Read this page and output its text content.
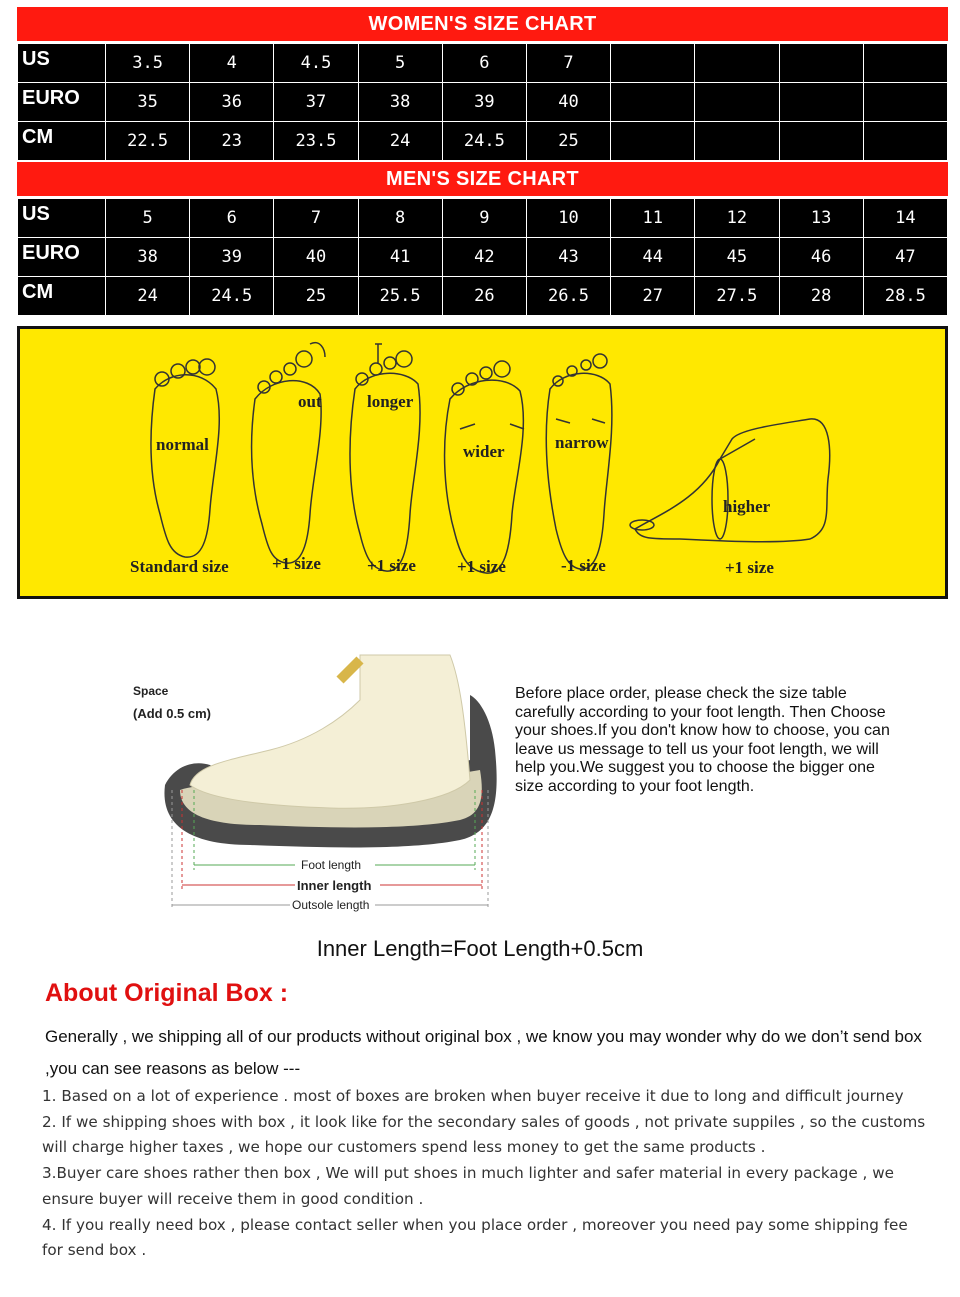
WOMEN'S SIZE CHART
US	3.5	4	4.5	5	6	7				
EURO	35	36	37	38	39	40				
CM	22.5	23	23.5	24	24.5	25				
MEN'S SIZE CHART
US	5	6	7	8	9	10	11	12	13	14
EURO	38	39	40	41	42	43	44	45	46	47
CM	24	24.5	25	25.5	26	26.5	27	27.5	28	28.5
normal
out	longer
wider	narrow
higher
Standard size	+1 size	+1 size +1 size	-1 size	+1 size
Space
(Add 0.5 cm)
Foot length
Inner length
Outsole length
Before place order, please check the size table carefully according to your foot length. Then Choose your shoes.If you don't know how to choose, you can leave us message to tell us your foot length, we will help you.We suggest you to choose the bigger one size according to your foot length.
Inner Length=Foot Length+0.5cm
About Original Box :
Generally , we shipping all of our products without original box , we know you may wonder why do we don’t send box ,you can see reasons as below ---
1. Based on a lot of experience . most of boxes are broken when buyer receive it due to long and difficult journey
2. If we shipping shoes with box , it look like for the secondary sales of goods , not private suppiles , so the customs will charge higher taxes , we hope our customers spend less money to get the same products .
3.Buyer care shoes rather then box , We will put shoes in much lighter and safer material in every package , we ensure buyer will receive them in good condition .
4. If you really need box , please contact seller when you place order , moreover you need pay some shipping fee for send box .
